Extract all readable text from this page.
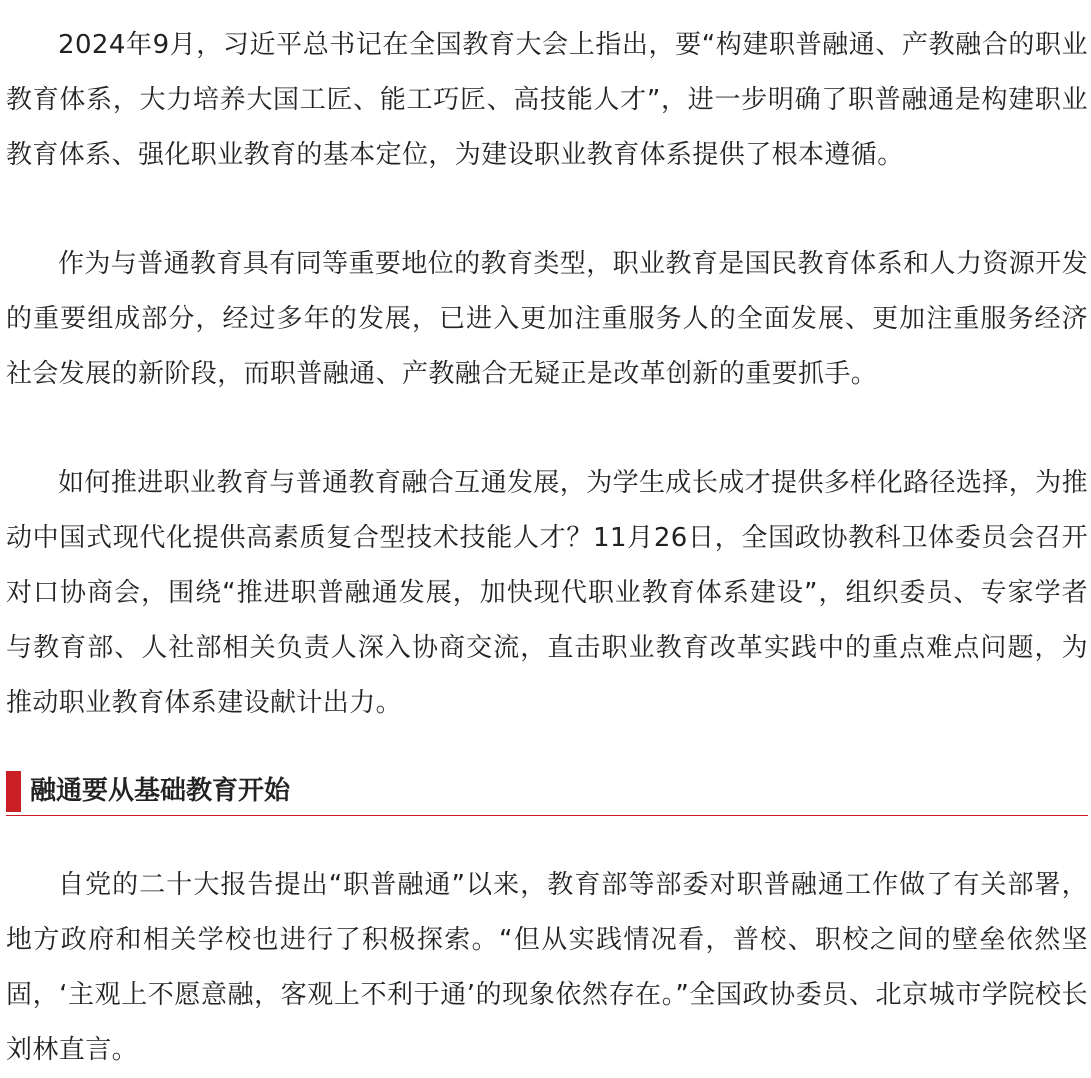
2024年9月，习近平总书记在全国教育大会上指出，要“构建职普融通、产教融合的职业教育体系，大力培养大国工匠、能工巧匠、高技能人才”，进一步明确了职普融通是构建职业教育体系、强化职业教育的基本定位，为建设职业教育体系提供了根本遵循。

作为与普通教育具有同等重要地位的教育类型，职业教育是国民教育体系和人力资源开发的重要组成部分，经过多年的发展，已进入更加注重服务人的全面发展、更加注重服务经济社会发展的新阶段，而职普融通、产教融合无疑正是改革创新的重要抓手。

如何推进职业教育与普通教育融合互通发展，为学生成长成才提供多样化路径选择，为推动中国式现代化提供高素质复合型技术技能人才？11月26日，全国政协教科卫体委员会召开对口协商会，围绕“推进职普融通发展，加快现代职业教育体系建设”，组织委员、专家学者与教育部、人社部相关负责人深入协商交流，直击职业教育改革实践中的重点难点问题，为推动职业教育体系建设献计出力。

融通要从基础教育开始

自党的二十大报告提出“职普融通”以来，教育部等部委对职普融通工作做了有关部署，地方政府和相关学校也进行了积极探索。“但从实践情况看，普校、职校之间的壁垒依然坚固，‘主观上不愿意融，客观上不利于通’的现象依然存在。”全国政协委员、北京城市学院校长刘林直言。
